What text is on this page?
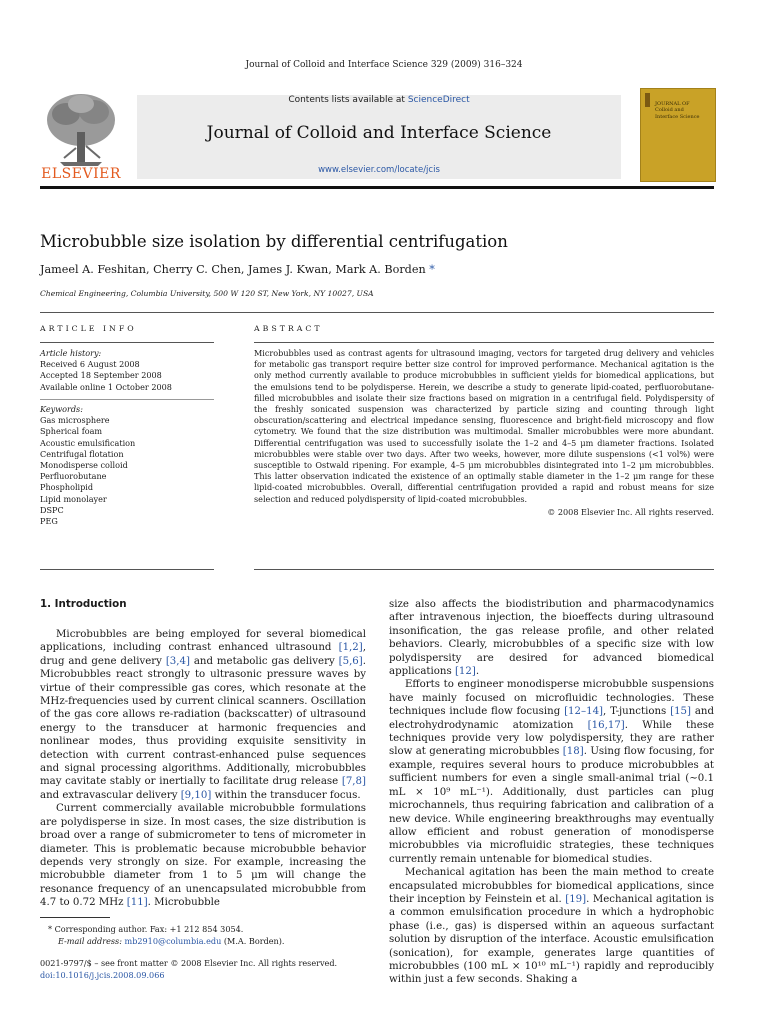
Journal of Colloid and Interface Science 329 (2009) 316–324
ELSEVIER
Contents lists available at ScienceDirect
Journal of Colloid and Interface Science
www.elsevier.com/locate/jcis
JOURNAL OF
Colloid and
Interface Science
Microbubble size isolation by differential centrifugation
Jameel A. Feshitan, Cherry C. Chen, James J. Kwan, Mark A. Borden *
Chemical Engineering, Columbia University, 500 W 120 ST, New York, NY 10027, USA
ARTICLE INFO
Article history:
Received 6 August 2008
Accepted 18 September 2008
Available online 1 October 2008
Keywords:
Gas microsphere
Spherical foam
Acoustic emulsification
Centrifugal flotation
Monodisperse colloid
Perfluorobutane
Phospholipid
Lipid monolayer
DSPC
PEG
ABSTRACT
Microbubbles used as contrast agents for ultrasound imaging, vectors for targeted drug delivery and vehicles for metabolic gas transport require better size control for improved performance. Mechanical agitation is the only method currently available to produce microbubbles in sufficient yields for biomedical applications, but the emulsions tend to be polydisperse. Herein, we describe a study to generate lipid-coated, perfluorobutane-filled microbubbles and isolate their size fractions based on migration in a centrifugal field. Polydispersity of the freshly sonicated suspension was characterized by particle sizing and counting through light obscuration/scattering and electrical impedance sensing, fluorescence and bright-field microscopy and flow cytometry. We found that the size distribution was multimodal. Smaller microbubbles were more abundant. Differential centrifugation was used to successfully isolate the 1–2 and 4–5 μm diameter fractions. Isolated microbubbles were stable over two days. After two weeks, however, more dilute suspensions (<1 vol%) were susceptible to Ostwald ripening. For example, 4–5 μm microbubbles disintegrated into 1–2 μm microbubbles. This latter observation indicated the existence of an optimally stable diameter in the 1–2 μm range for these lipid-coated microbubbles. Overall, differential centrifugation provided a rapid and robust means for size selection and reduced polydispersity of lipid-coated microbubbles.
© 2008 Elsevier Inc. All rights reserved.
1. Introduction

Microbubbles are being employed for several biomedical applications, including contrast enhanced ultrasound [1,2], drug and gene delivery [3,4] and metabolic gas delivery [5,6]. Microbubbles react strongly to ultrasonic pressure waves by virtue of their compressible gas cores, which resonate at the MHz-frequencies used by current clinical scanners. Oscillation of the gas core allows re-radiation (backscatter) of ultrasound energy to the transducer at harmonic frequencies and nonlinear modes, thus providing exquisite sensitivity in detection with current contrast-enhanced pulse sequences and signal processing algorithms. Additionally, microbubbles may cavitate stably or inertially to facilitate drug release [7,8] and extravascular delivery [9,10] within the transducer focus.

Current commercially available microbubble formulations are polydisperse in size. In most cases, the size distribution is broad over a range of submicrometer to tens of micrometer in diameter. This is problematic because microbubble behavior depends very strongly on size. For example, increasing the microbubble diameter from 1 to 5 μm will change the resonance frequency of an unencapsulated microbubble from 4.7 to 0.72 MHz [11]. Microbubble

size also affects the biodistribution and pharmacodynamics after intravenous injection, the bioeffects during ultrasound insonification, the gas release profile, and other related behaviors. Clearly, microbubbles of a specific size with low polydispersity are desired for advanced biomedical applications [12].

Efforts to engineer monodisperse microbubble suspensions have mainly focused on microfluidic technologies. These techniques include flow focusing [12–14], T-junctions [15] and electrohydrodynamic atomization [16,17]. While these techniques provide very low polydispersity, they are rather slow at generating microbubbles [18]. Using flow focusing, for example, requires several hours to produce microbubbles at sufficient numbers for even a single small-animal trial (∼0.1 mL × 10⁹ mL⁻¹). Additionally, dust particles can plug microchannels, thus requiring fabrication and calibration of a new device. While engineering breakthroughs may eventually allow efficient and robust generation of monodisperse microbubbles via microfluidic strategies, these techniques currently remain untenable for biomedical studies.

Mechanical agitation has been the main method to create encapsulated microbubbles for biomedical applications, since their inception by Feinstein et al. [19]. Mechanical agitation is a common emulsification procedure in which a hydrophobic phase (i.e., gas) is dispersed within an aqueous surfactant solution by disruption of the interface. Acoustic emulsification (sonication), for example, generates large quantities of microbubbles (100 mL × 10¹⁰ mL⁻¹) rapidly and reproducibly within just a few seconds. Shaking a

* Corresponding author. Fax: +1 212 854 3054.
E-mail address: mb2910@columbia.edu (M.A. Borden).
0021-9797/$ – see front matter © 2008 Elsevier Inc. All rights reserved.
doi:10.1016/j.jcis.2008.09.066
